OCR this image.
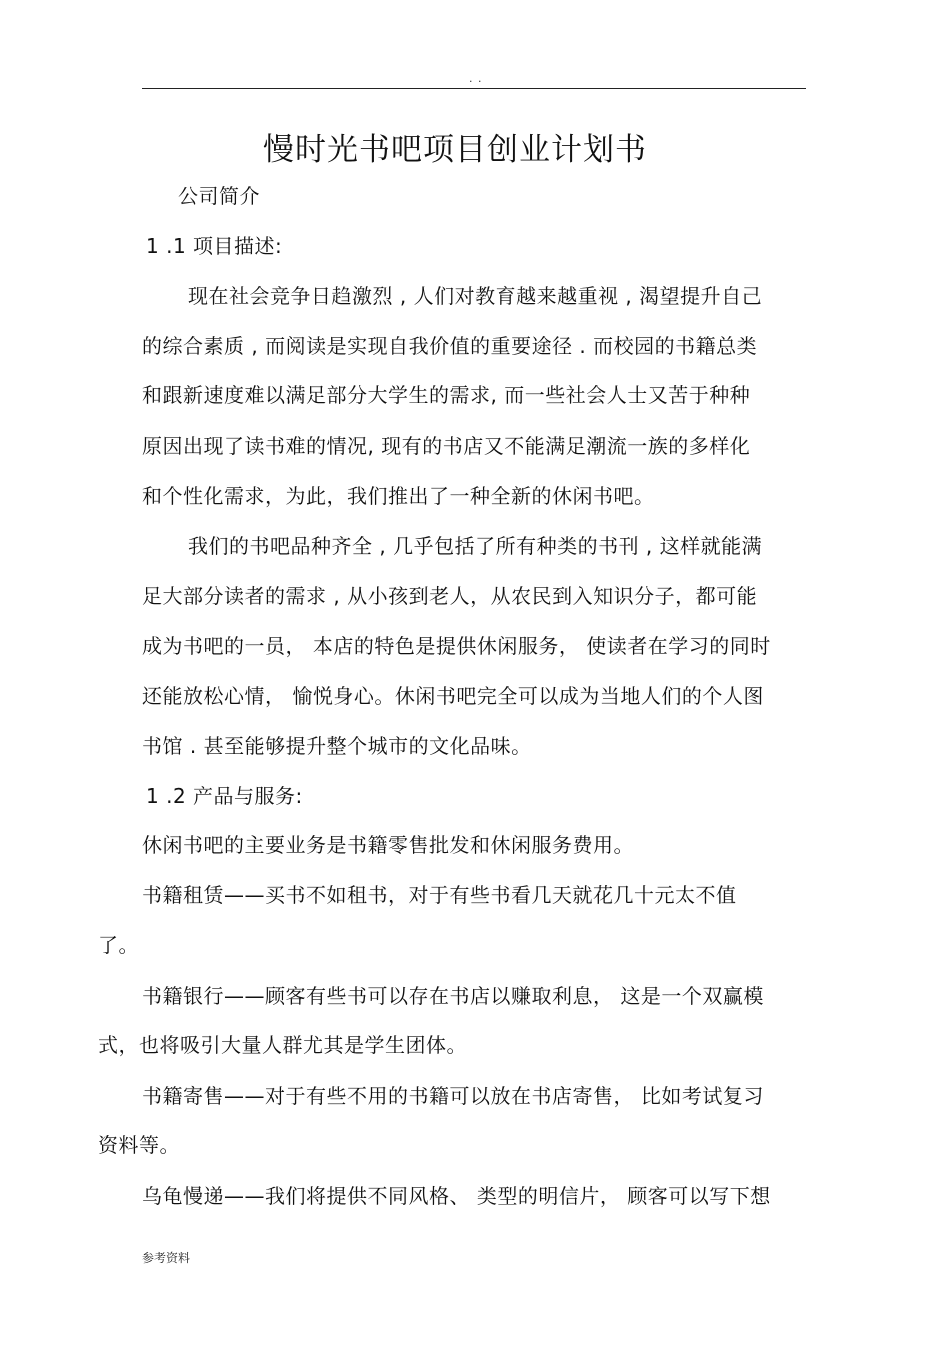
. .
慢时光书吧项目创业计划书
公司简介
1 .1 项目描述:
现在社会竞争日趋激烈 , 人们对教育越来越重视 , 渴望提升自己
的综合素质 , 而阅读是实现自我价值的重要途径 . 而校园的书籍总类
和跟新速度难以满足部分大学生的需求, 而一些社会人士又苦于种种
原因出现了读书难的情况, 现有的书店又不能满足潮流一族的多样化
和个性化需求，为此，我们推出了一种全新的休闲书吧。
我们的书吧品种齐全 , 几乎包括了所有种类的书刊 , 这样就能满
足大部分读者的需求 , 从小孩到老人，从农民到入知识分子，都可能
成为书吧的一员， 本店的特色是提供休闲服务， 使读者在学习的同时
还能放松心情， 愉悦身心。休闲书吧完全可以成为当地人们的个人图
书馆 . 甚至能够提升整个城市的文化品味。
1 .2 产品与服务:
休闲书吧的主要业务是书籍零售批发和休闲服务费用。
书籍租赁——买书不如租书，对于有些书看几天就花几十元太不值
了。
书籍银行——顾客有些书可以存在书店以赚取利息， 这是一个双赢模
式，也将吸引大量人群尤其是学生团体。
书籍寄售——对于有些不用的书籍可以放在书店寄售， 比如考试复习
资料等。
乌龟慢递——我们将提供不同风格、 类型的明信片， 顾客可以写下想
参考资料
